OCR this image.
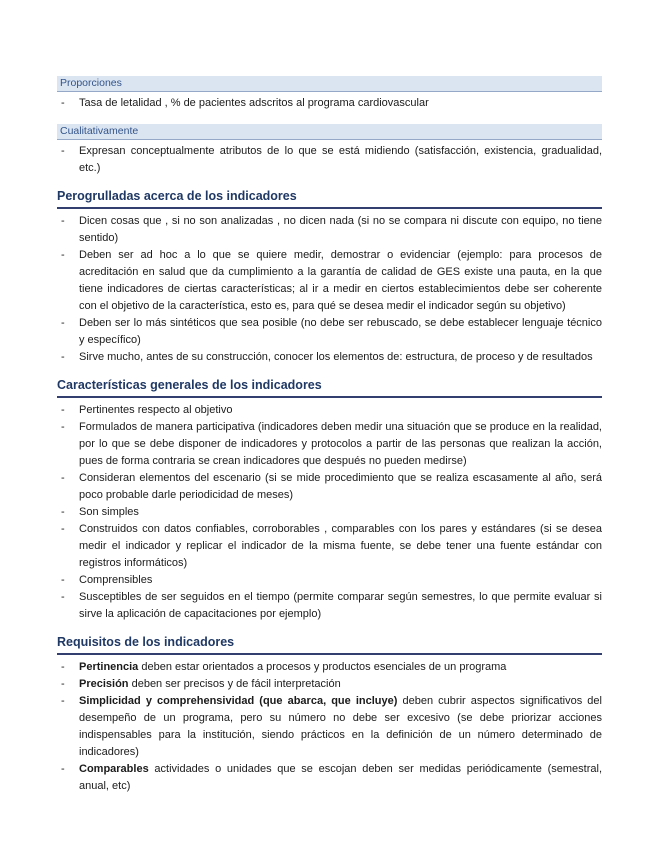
Proporciones
-	Tasa de letalidad , % de pacientes adscritos al programa cardiovascular
Cualitativamente
-	Expresan conceptualmente atributos de lo que se está midiendo (satisfacción, existencia, gradualidad, etc.)
Perogrulladas acerca de los indicadores
-	Dicen cosas que , si no son analizadas , no dicen nada (si no se compara ni discute con equipo, no tiene sentido)
-	Deben ser ad hoc a lo que se quiere medir, demostrar o evidenciar (ejemplo: para procesos de acreditación en salud que da cumplimiento a la garantía de calidad de GES existe una pauta, en la que tiene indicadores de ciertas características; al ir a medir en ciertos establecimientos debe ser coherente con el objetivo de la característica, esto es, para qué se desea medir el indicador según su objetivo)
-	Deben ser lo más sintéticos que sea posible (no debe ser rebuscado, se debe establecer lenguaje técnico y específico)
-	Sirve mucho, antes de su construcción, conocer los elementos de: estructura, de proceso y de resultados
Características generales de los indicadores
-	Pertinentes respecto al objetivo
-	Formulados de manera participativa (indicadores deben medir una situación que se produce en la realidad, por lo que se debe disponer de indicadores y protocolos a partir de las personas que realizan la acción, pues de forma contraria se crean indicadores que después no pueden medirse)
-	Consideran elementos del escenario (si se mide procedimiento que se realiza escasamente al año, será poco probable darle periodicidad de meses)
-	Son simples
-	Construidos con datos confiables, corroborables , comparables con los pares y estándares (si se desea medir el indicador y replicar el indicador de la misma fuente, se debe tener una fuente estándar con registros informáticos)
-	Comprensibles
-	Susceptibles de ser seguidos en el tiempo (permite comparar según semestres, lo que permite evaluar si sirve la aplicación de capacitaciones por ejemplo)
Requisitos de los indicadores
-	Pertinencia deben estar orientados a procesos y productos esenciales de un programa
-	Precisión deben ser precisos y de fácil interpretación
-	Simplicidad y comprehensividad (que abarca, que incluye) deben cubrir aspectos significativos del desempeño de un programa, pero su número no debe ser excesivo (se debe priorizar acciones indispensables para la institución, siendo prácticos en la definición de un número determinado de indicadores)
-	Comparables actividades o unidades que se escojan deben ser medidas periódicamente (semestral, anual, etc)
